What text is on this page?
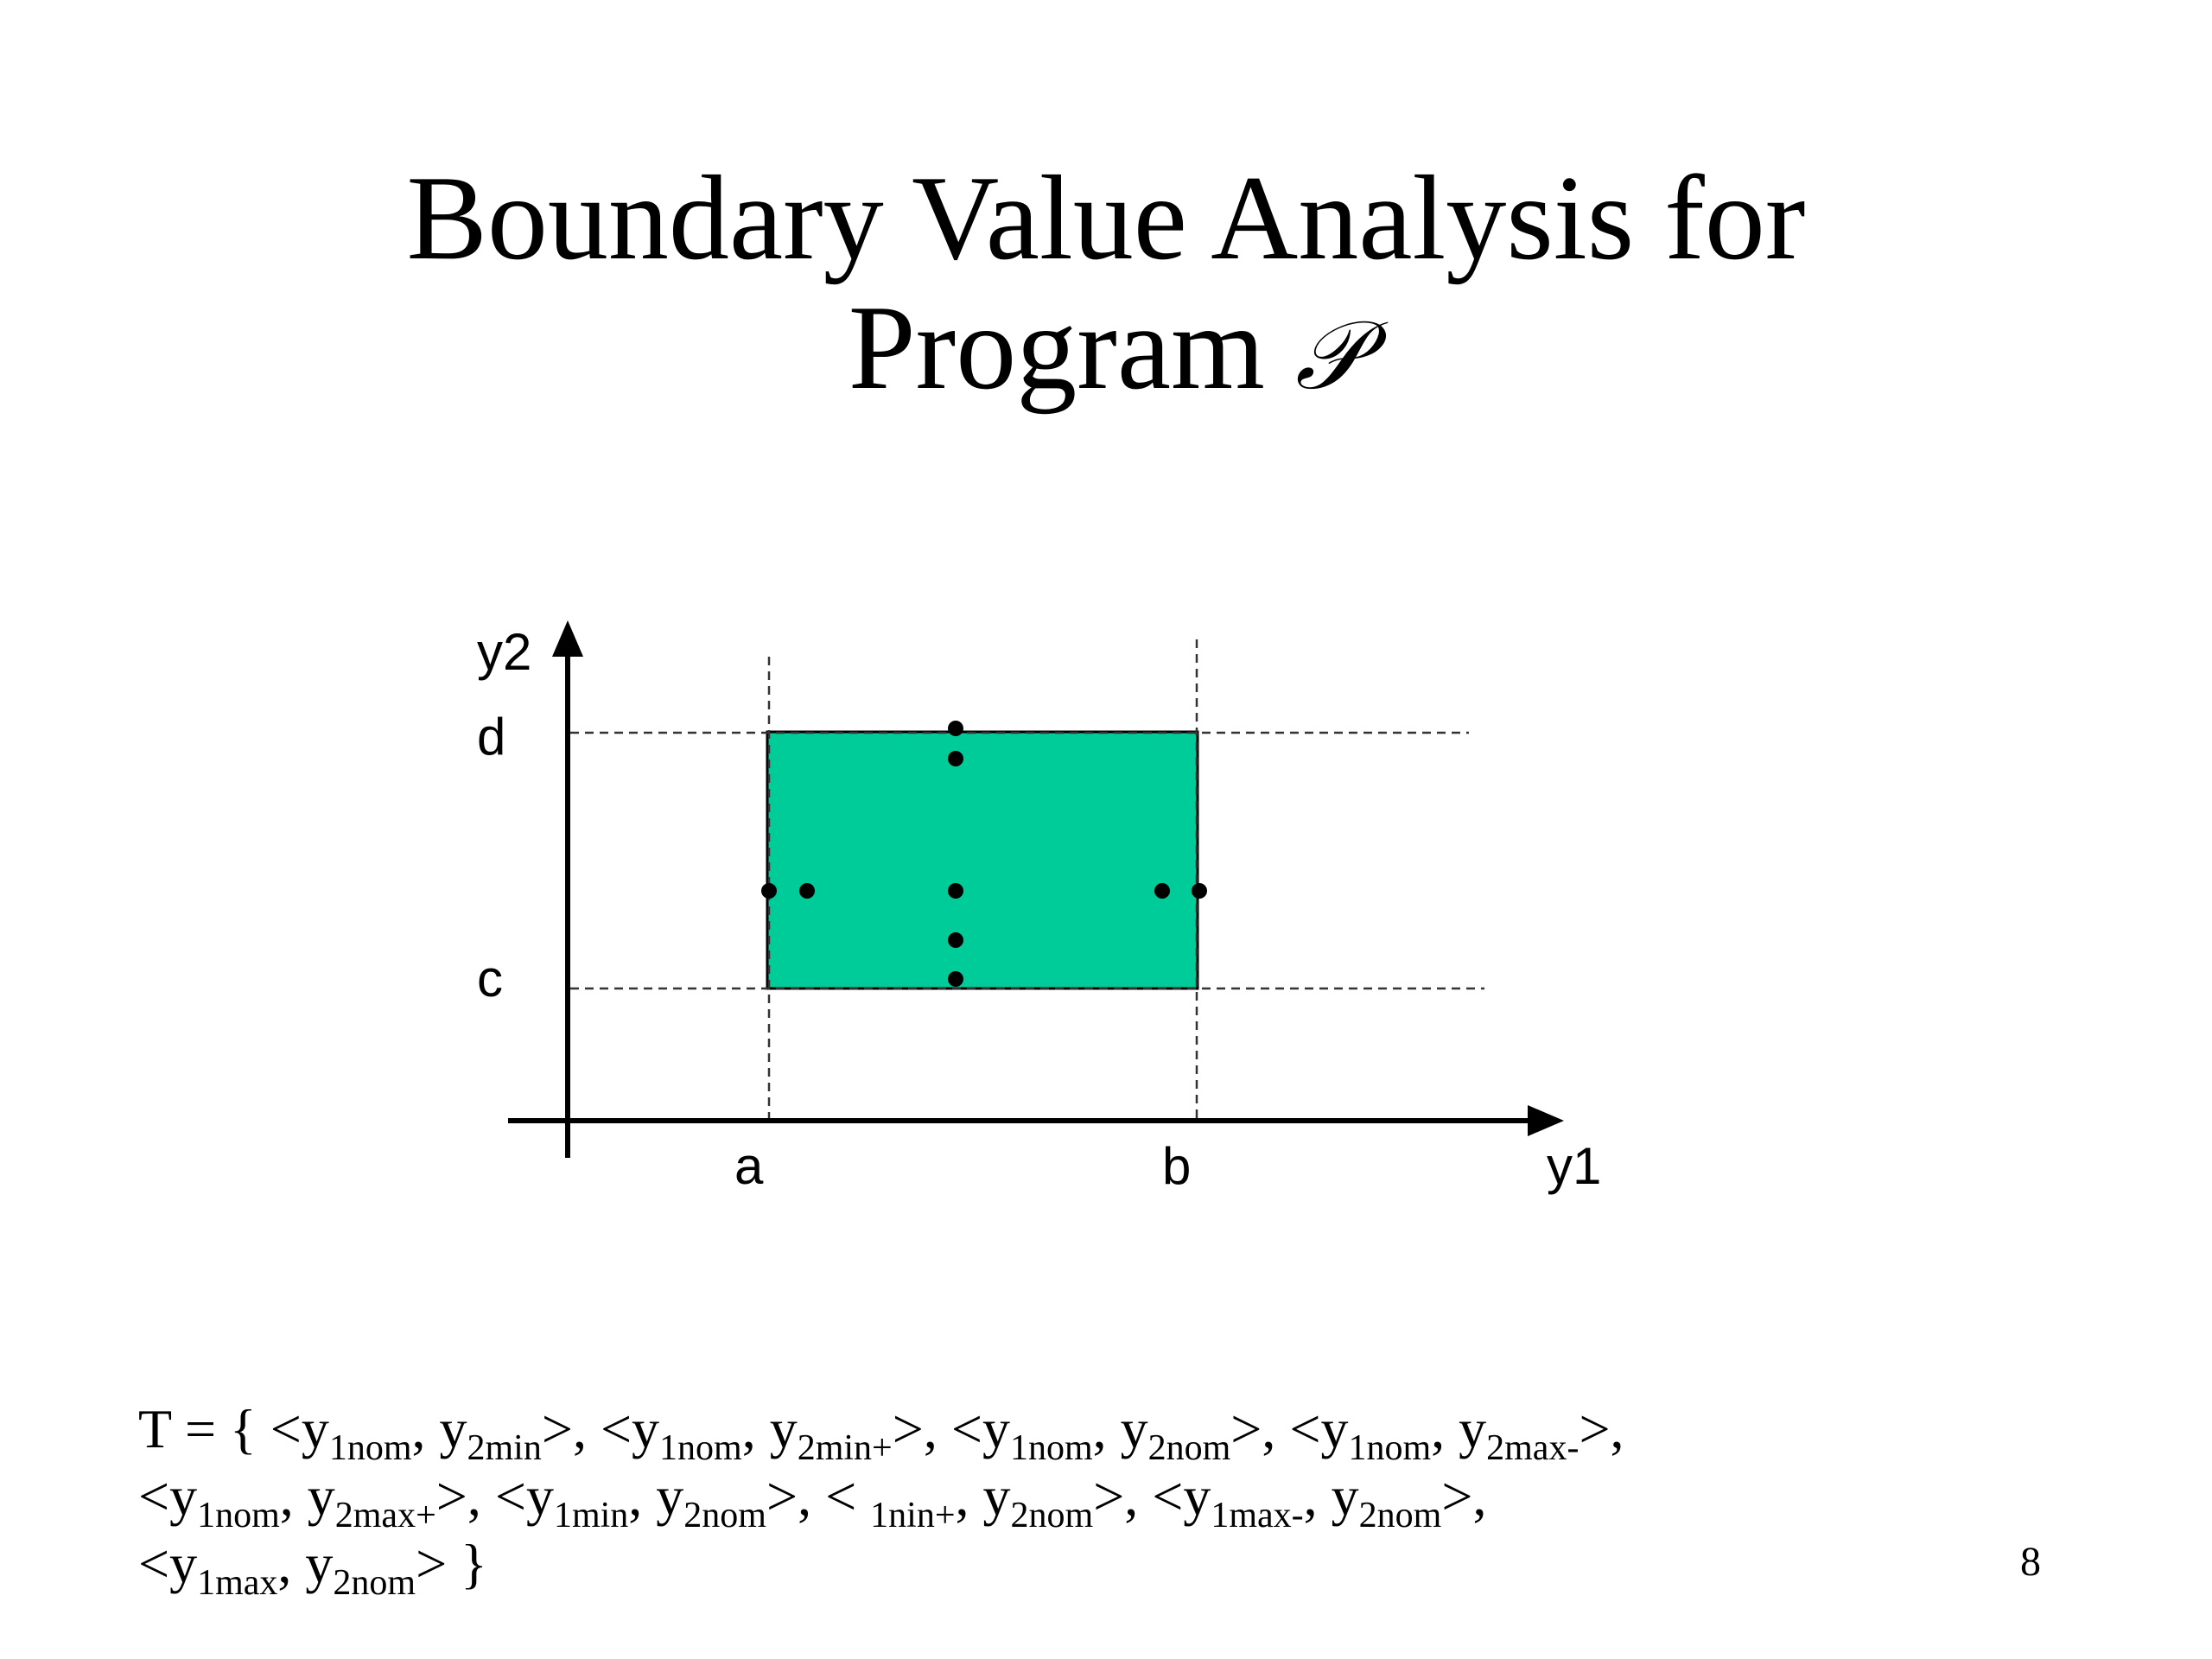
Boundary Value Analysis for
Program 𝒫
y2
y1
d
c
a	b
T = { $<y_{1nom}$, $y_{2min}>$, $<y_{1nom}$, $y_{2min+}>$, $<y_{1nom}$, $y_{2nom}>$, $<y_{1nom}$, $y_{2max-}>$,
$<y_{1nom}$, $y_{2max+}>$, $<y_{1min}$, $y_{2nom}>$, < $_{1nin+}$, $y_{2nom}>$, $<y_{1max-}$, $y_{2nom}>$,
$<y_{1max}$, $y_{2nom}>$ }	8
